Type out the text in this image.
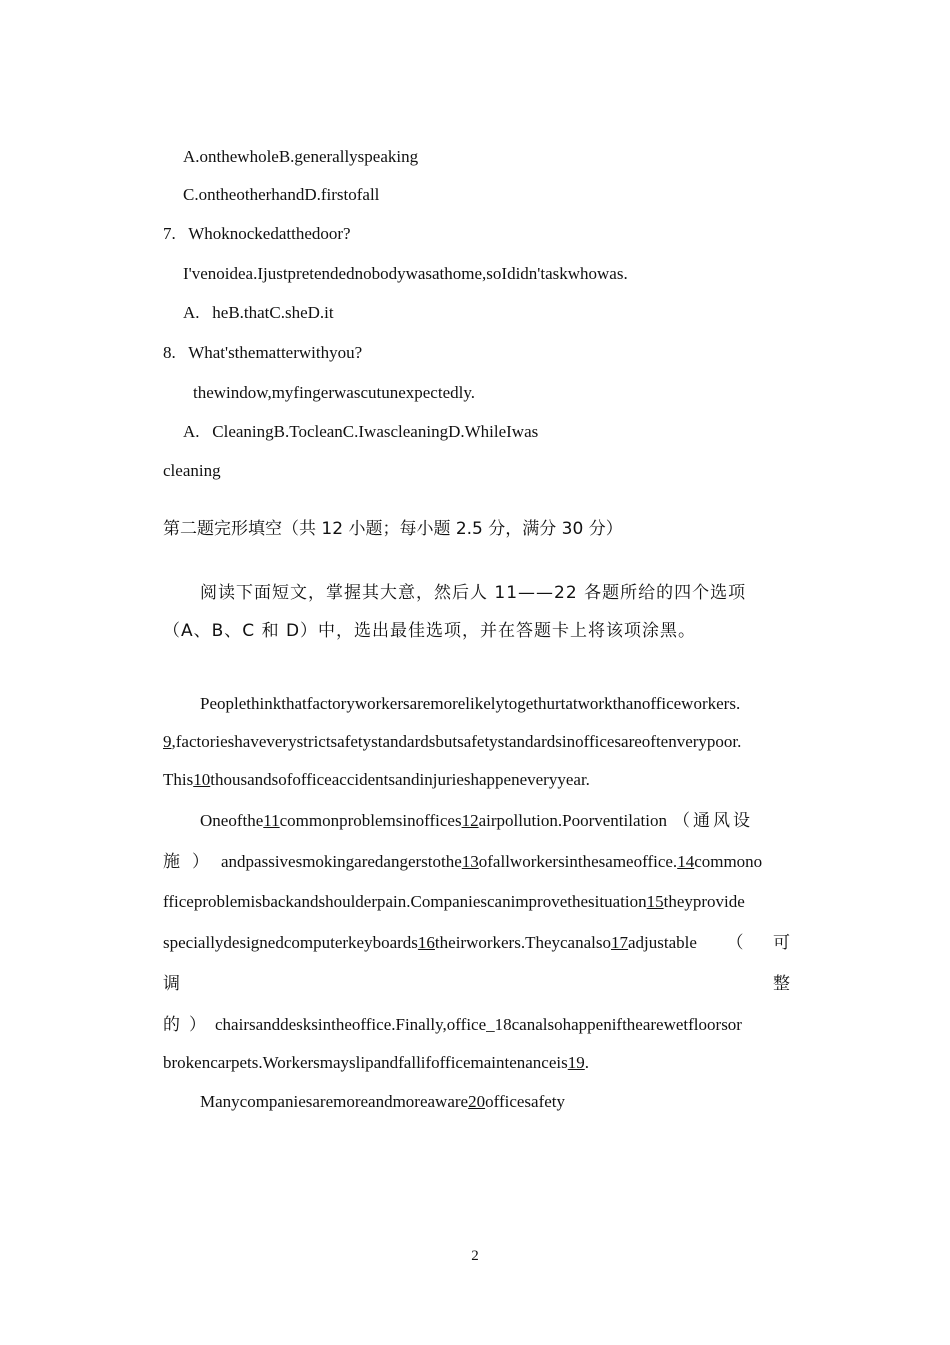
A.onthewholeB.generallyspeaking
C.ontheotherhandD.firstofall
7.   Whoknockedatthedoor?
I'venoidea.Ijustpretendednobodywasathome,soIdidn'taskwhowas.
A.   heB.thatC.sheD.it
8.   What'sthematterwithyou?
thewindow,myfingerwascutunexpectedly.
A.   CleaningB.TocleanC.IwascleaningD.WhileIwas
cleaning
第二题完形填空（共 12 小题；每小题 2.5 分，满分 30 分）
阅读下面短文，掌握其大意，然后人 11——22 各题所给的四个选项
（A、B、C 和 D）中，选出最佳选项，并在答题卡上将该项涂黑。
Peoplethinkthatfactoryworkersaremorelikelytogethurtatworkthanofficeworkers.
9,factorieshaveverystrictsafetystandardsbutsafetystandardsinofficesareoftenverypoor.
This10thousandsofofficeaccidentsandinjurieshappeneveryyear.
Oneofthe11commonproblemsinoffices12airpollution.Poorventilation （通风设
施）andpassivesmokingaredangerstothe13ofallworkersinthesameoffice.14commono
fficeproblemisbackandshoulderpain.Companiescanimprovethesituation15theyprovide
speciallydesignedcomputerkeyboards16theirworkers.Theycanalso17adjustable （ 可
调	整
的）chairsanddesksintheoffice.Finally,office_18canalsohappenifthearewetfloorsor
brokencarpets.Workersmayslipandfallifofficemaintenanceis19.
Manycompaniesaremoreandmoreaware20officesafety
2
